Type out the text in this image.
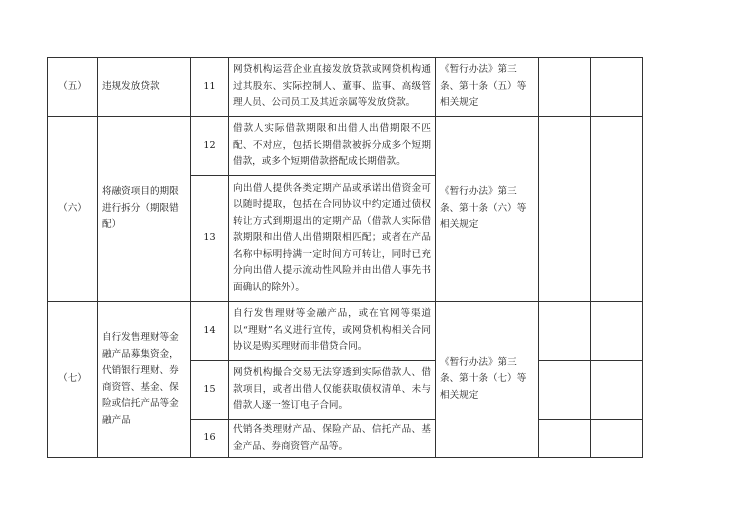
（五）	违规发放贷款	11	网贷机构运营企业直接发放贷款或网贷机构通过其股东、实际控制人、董事、监事、高级管理人员、公司员工及其近亲属等发放贷款。	《暂行办法》第三条、第十条（五）等相关规定		
（六）	将融资项目的期限进行拆分（期限错配）	12	借款人实际借款期限和出借人出借期限不匹配、不对应，包括长期借款被拆分成多个短期借款，或多个短期借款搭配成长期借款。	《暂行办法》第三条、第十条（六）等相关规定		
		13	向出借人提供各类定期产品或承诺出借资金可以随时提取，包括在合同协议中约定通过债权转让方式到期退出的定期产品（借款人实际借款期限和出借人出借期限相匹配；或者在产品名称中标明持满一定时间方可转让，同时已充分向出借人提示流动性风险并由出借人事先书面确认的除外）。			
（七）	自行发售理财等金融产品募集资金，代销银行理财、券商资管、基金、保险或信托产品等金融产品	14	自行发售理财等金融产品，或在官网等渠道以“理财”名义进行宣传，或网贷机构相关合同协议是购买理财而非借贷合同。	《暂行办法》第三条、第十条（七）等相关规定		
		15	网贷机构撮合交易无法穿透到实际借款人、借款项目，或者出借人仅能获取债权清单、未与借款人逐一签订电子合同。			
		16	代销各类理财产品、保险产品、信托产品、基金产品、券商资管产品等。			
